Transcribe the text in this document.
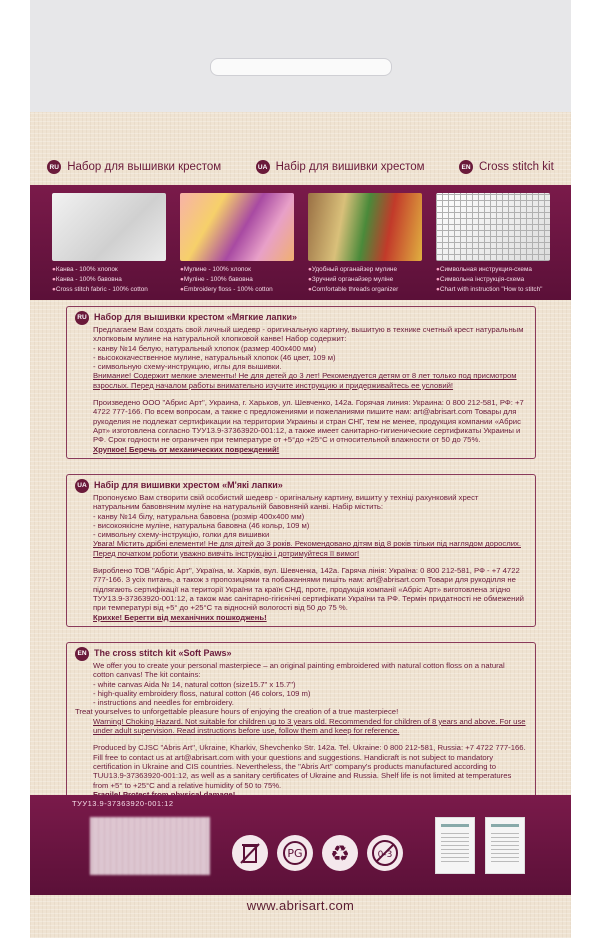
RU Набор для вышивки крестом	UA Набір для вишивки хрестом	EN Cross stitch kit
● Канва - 100% хлопок
● Канва - 100% бавовна
● Cross stitch fabric - 100% cotton
● Мулине - 100% хлопок
● Муліне - 100% бавовна
● Embroidery floss - 100% cotton
● Удобный органайзер мулине
● Зручний органайзер муліне
● Comfortable threads organizer
● Символьная инструкция-схема
● Символьна інструкція-схема
● Chart with instruction "How to stitch"
RU Набор для вышивки крестом «Мягкие лапки»

Предлагаем Вам создать свой личный шедевр - оригинальную картину, вышитую в технике счетный крест натуральным хлопковым мулине на натуральной хлопковой канве! Набор содержит:

- канву №14 белую, натуральный хлопок (размер 400х400 мм)

- высококачественное мулине, натуральный хлопок (46 цвет, 109 м)

- символьную схему-инструкцию, иглы для вышивки.

Внимание! Содержит мелкие элементы! Не для детей до 3 лет! Рекомендуется детям от 8 лет только под присмотром взрослых. Перед началом работы внимательно изучите инструкцию и придерживайтесь ее условий!

Произведено ООО "Абрис Арт", Украина, г. Харьков, ул. Шевченко, 142а. Горячая линия: Украина: 0 800 212-581, РФ: +7 4722 777-166. По всем вопросам, а также с предложениями и пожеланиями пишите нам: art@abrisart.com Товары для рукоделия не подлежат сертификации на территории Украины и стран СНГ, тем не менее, продукция компании «Абрис Арт» изготовлена согласно ТУУ13.9-37363920-001:12, а также имеет санитарно-гигиенические сертификаты Украины и РФ. Срок годности не ограничен при температуре от +5°до +25°С и относительной влажности от 50 до 75%.

Хрупкое! Беречь от механических повреждений!

UA Набір для вишивки хрестом «М'які лапки»

Пропонуємо Вам створити свій особистий шедевр - оригінальну картину, вишиту у техніці рахунковий хрест натуральним бавовняним муліне на натуральній бавовняній канві. Набір містить:

- канву №14 білу, натуральна бавовна (розмір 400х400 мм)

- високоякісне муліне, натуральна бавовна (46 кольр, 109 м)

- символьну схему-інструкцію, голки для вишивки

Увага! Містить дрібні елементи! Не для дітей до 3 років. Рекомендовано дітям від 8 років тільки під наглядом дорослих. Перед початком роботи уважно вивчіть інструкцію і дотримуйтеся її вимог!

Виробл​ено ТОВ "Абріс Арт", Україна, м. Харків, вул. Шевченка, 142а. Гаряча лінія: Україна: 0 800 212-581, РФ - +7 4722 777-166. З усіх питань, а також з пропозиціями та побажаннями пишіть нам: art@abrisart.com Товари для рукоділля не підлягають сертифікації на території України та країн СНД, проте, продукція компанії «Абріс Арт» виготовлена згідно ТУУ13.9-37363920-001:12, а також має санітарно-гігієнічні сертифікати України та РФ. Термін придатності не обмежений при температурі від +5° до +25°С та відносній вологості від 50 до 75 %.

Крихке! Берегти від механічних пошкоджень!

EN The cross stitch kit «Soft Paws»

We offer you to create your personal masterpiece – an original painting embroidered with natural cotton floss on a natural cotton canvas! The kit contains:

- white canvas Aida № 14, natural cotton (size15.7" x 15.7")

- high-quality embroidery floss, natural cotton (46 colors, 109 m)

- instructions and needles for embroidery.

Treat yourselves to unforgettable pleasure hours of enjoying the creation of a true masterpiece!

Warning! Choking Hazard. Not suitable for children up to 3 years old. Recommended for children of 8 years and above. For use under adult supervision. Read instructions before use, follow them and keep for reference.

Produced by CJSC "Abris Art", Ukraine, Kharkiv, Shevchenko Str. 142a. Tel. Ukraine: 0 800 212-581, Russia: +7 4722 777-166. Fill free to contact us at art@abrisart.com with your questions and suggestions. Handicraft is not subject to mandatory certification in Ukraine and CIS countries. Nevertheless, the "Abris Art" company's products manufactured according to TUU13.9-37363920-001:12, as well as a sanitary certificates of Ukraine and Russia. Shelf life is not limited at temperatures from +5° to +25°C and a relative humidity of 50 to 75%.

ТУУ13.9-37363920-001:12
PG ♻	0-3
www.abrisart.com
